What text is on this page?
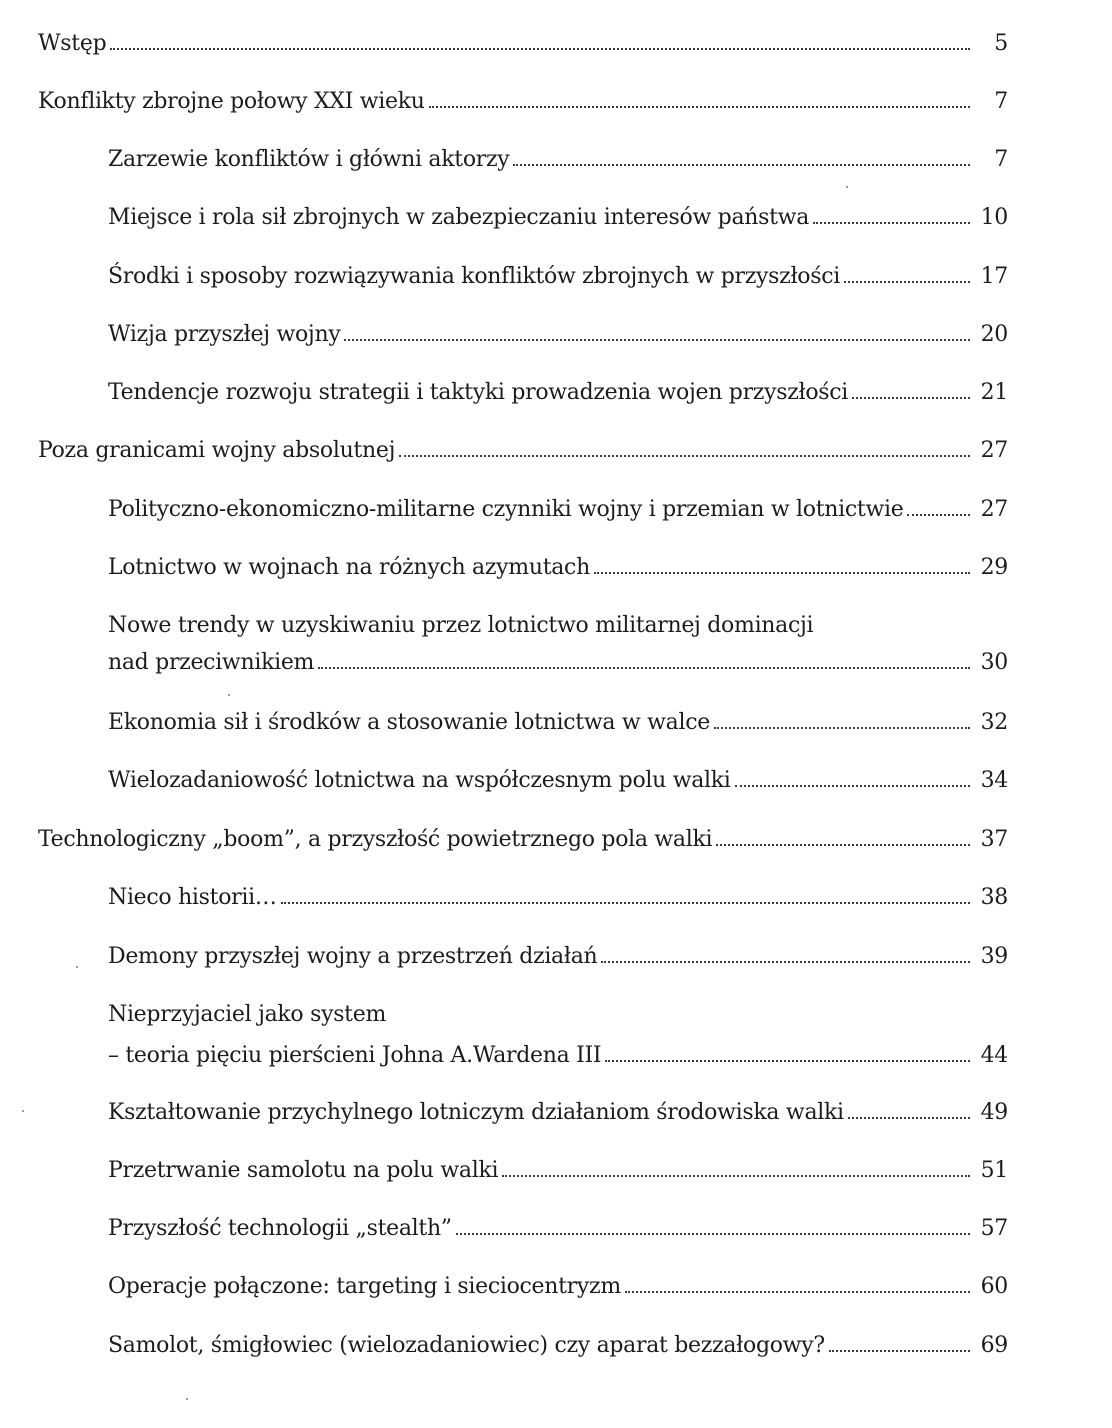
Wstęp	5
Konflikty zbrojne połowy XXI wieku	7
Zarzewie konfliktów i główni aktorzy	7
Miejsce i rola sił zbrojnych w zabezpieczaniu interesów państwa	10
Środki i sposoby rozwiązywania konfliktów zbrojnych w przyszłości	17
Wizja przyszłej wojny	20
Tendencje rozwoju strategii i taktyki prowadzenia wojen przyszłości	21
Poza granicami wojny absolutnej	27
Polityczno-ekonomiczno-militarne czynniki wojny i przemian w lotnictwie	27
Lotnictwo w wojnach na różnych azymutach	29
Nowe trendy w uzyskiwaniu przez lotnictwo militarnej dominacji
nad przeciwnikiem	30
Ekonomia sił i środków a stosowanie lotnictwa w walce	32
Wielozadaniowość lotnictwa na współczesnym polu walki	34
Technologiczny „boom”, a przyszłość powietrznego pola walki	37
Nieco historii…	38
Demony przyszłej wojny a przestrzeń działań	39
Nieprzyjaciel jako system
– teoria pięciu pierścieni Johna A.Wardena III	44
Kształtowanie przychylnego lotniczym działaniom środowiska walki	49
Przetrwanie samolotu na polu walki	51
Przyszłość technologii „stealth”	57
Operacje połączone: targeting i sieciocentryzm	60
Samolot, śmigłowiec (wielozadaniowiec) czy aparat bezzałogowy?	69
